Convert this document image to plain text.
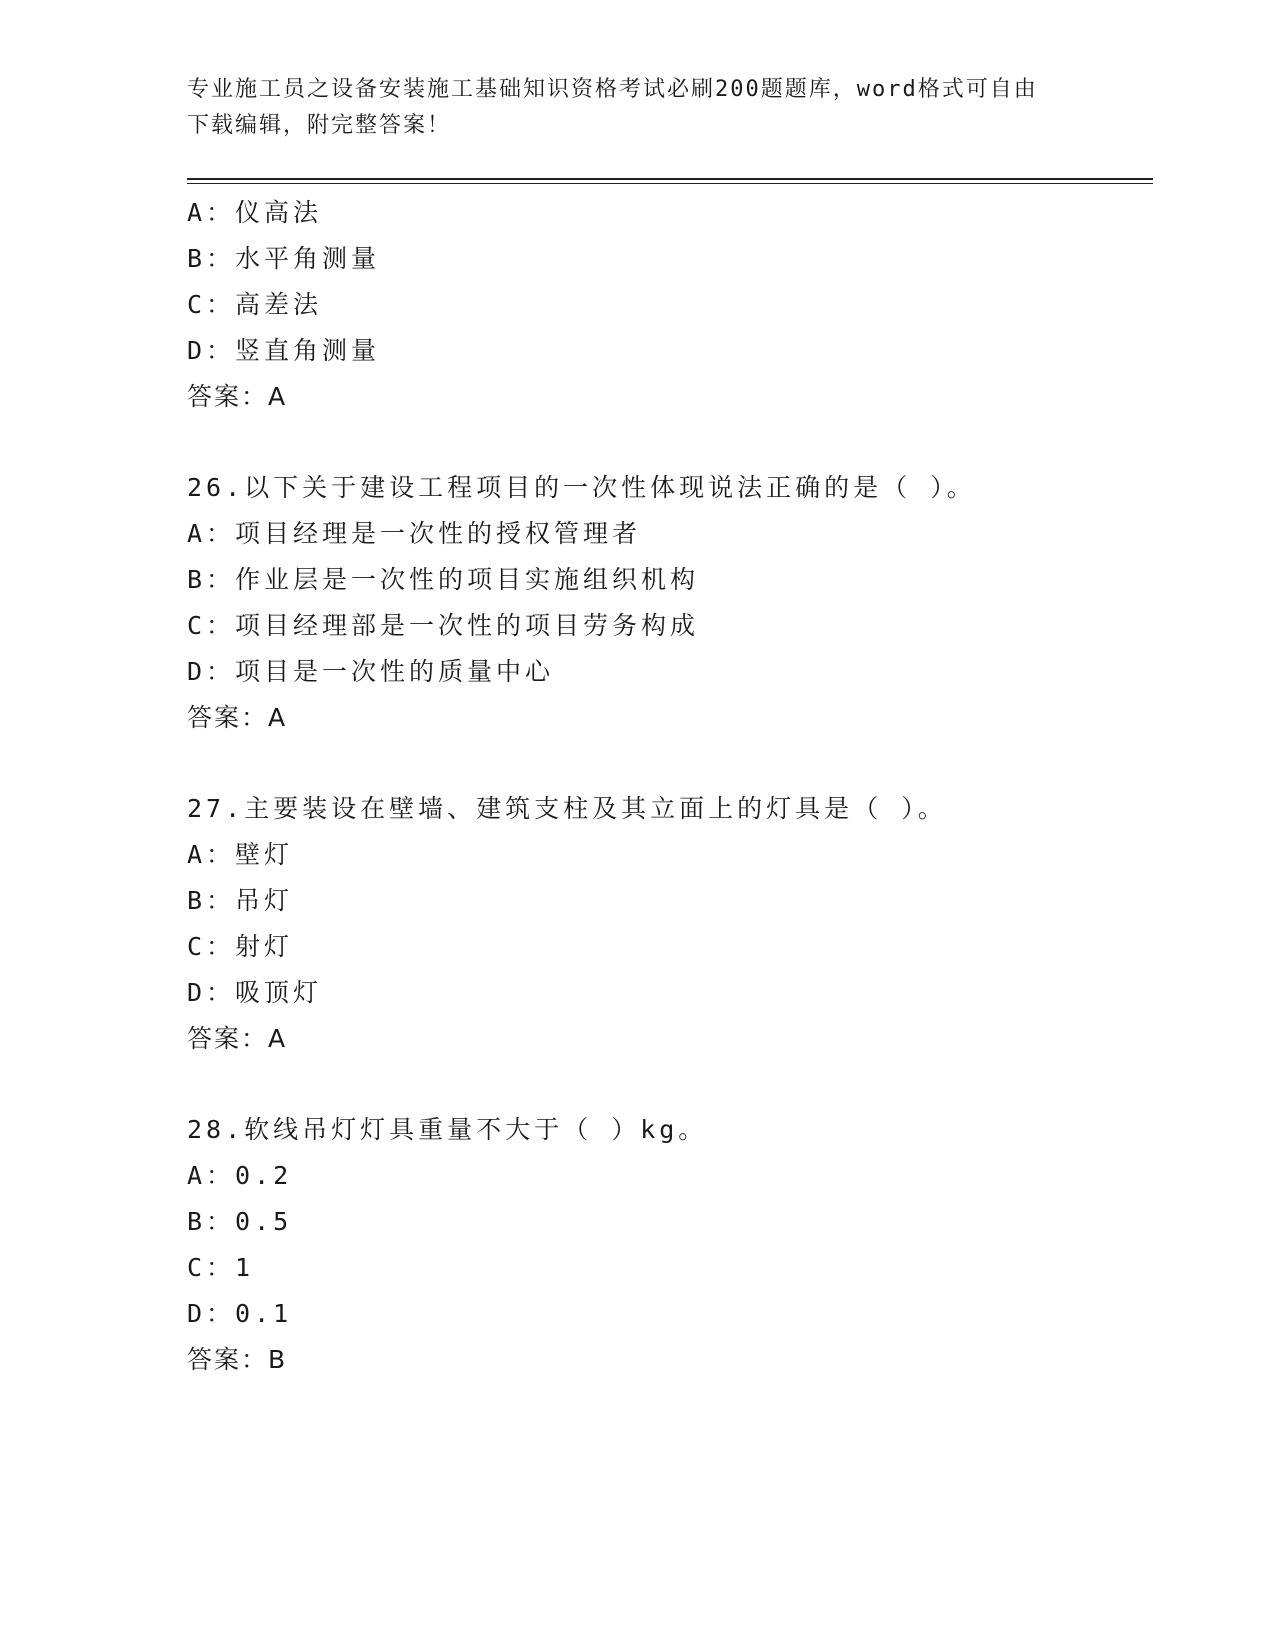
专业施工员之设备安装施工基础知识资格考试必刷200题题库，word格式可自由
下载编辑，附完整答案！
A：仪高法
B：水平角测量
C：高差法
D：竖直角测量
答案：A
26.以下关于建设工程项目的一次性体现说法正确的是（ ）。
A：项目经理是一次性的授权管理者
B：作业层是一次性的项目实施组织机构
C：项目经理部是一次性的项目劳务构成
D：项目是一次性的质量中心
答案：A
27.主要装设在壁墙、建筑支柱及其立面上的灯具是（ ）。
A：壁灯
B：吊灯
C：射灯
D：吸顶灯
答案：A
28.软线吊灯灯具重量不大于（ ）kg。
A：0.2
B：0.5
C：1
D：0.1
答案：B
